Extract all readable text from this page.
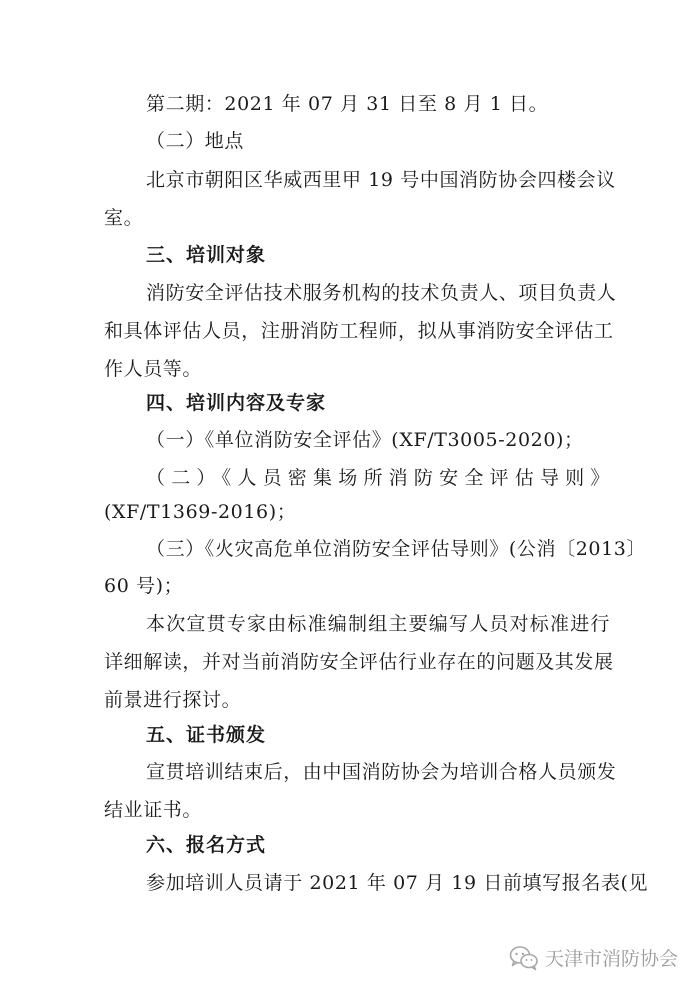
第二期：2021 年 07 月 31 日至 8 月 1 日。
（二）地点
北京市朝阳区华威西里甲 19 号中国消防协会四楼会议
室。
三、培训对象
消防安全评估技术服务机构的技术负责人、项目负责人
和具体评估人员，注册消防工程师，拟从事消防安全评估工
作人员等。
四、培训内容及专家
（一）《单位消防安全评估》(XF/T3005-2020)；
（二）《人员密集场所消防安全评估导则》
(XF/T1369-2016)；
（三）《火灾高危单位消防安全评估导则》(公消〔2013〕
60 号)；
本次宣贯专家由标准编制组主要编写人员对标准进行
详细解读，并对当前消防安全评估行业存在的问题及其发展
前景进行探讨。
五、证书颁发
宣贯培训结束后，由中国消防协会为培训合格人员颁发
结业证书。
六、报名方式
参加培训人员请于 2021 年 07 月 19 日前填写报名表(见
天津市消防协会
